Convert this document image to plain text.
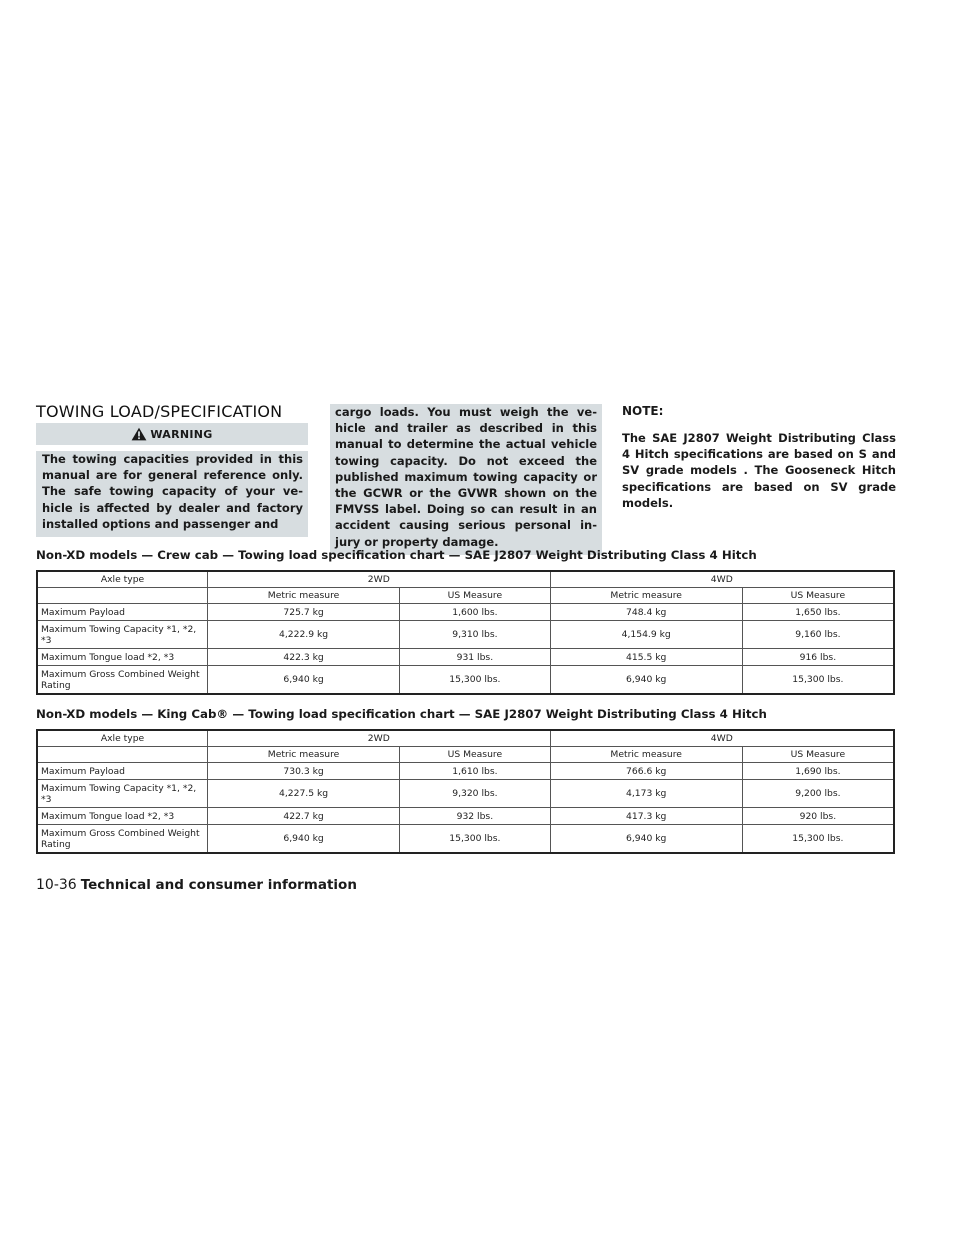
TOWING LOAD/SPECIFICATION
WARNING

The towing capacities provided in this manual are for general reference only. The safe towing capacity of your ve-hicle is affected by dealer and factory installed options and passenger and

cargo loads. You must weigh the ve-hicle and trailer as described in this manual to determine the actual vehicle towing capacity. Do not exceed the published maximum towing capacity or the GCWR or the GVWR shown on the FMVSS label. Doing so can result in an accident causing serious personal in-jury or property damage.

NOTE:

The SAE J2807 Weight Distributing Class 4 Hitch specifications are based on S and SV grade models . The Gooseneck Hitch specifications are based on SV grade models.

Non-XD models — Crew cab — Towing load specification chart — SAE J2807 Weight Distributing Class 4 Hitch

Axle type	2WD		4WD	
	Metric measure	US Measure	Metric measure	US Measure
Maximum Payload	725.7 kg	1,600 lbs.	748.4 kg	1,650 lbs.
Maximum Towing Capacity *1, *2, *3	4,222.9 kg	9,310 lbs.	4,154.9 kg	9,160 lbs.
Maximum Tongue load *2, *3	422.3 kg	931 lbs.	415.5 kg	916 lbs.
Maximum Gross Combined Weight Rating	6,940 kg	15,300 lbs.	6,940 kg	15,300 lbs.

Non-XD models — King Cab® — Towing load specification chart — SAE J2807 Weight Distributing Class 4 Hitch

Axle type	2WD		4WD	
	Metric measure	US Measure	Metric measure	US Measure
Maximum Payload	730.3 kg	1,610 lbs.	766.6 kg	1,690 lbs.
Maximum Towing Capacity *1, *2, *3	4,227.5 kg	9,320 lbs.	4,173 kg	9,200 lbs.
Maximum Tongue load *2, *3	422.7 kg	932 lbs.	417.3 kg	920 lbs.
Maximum Gross Combined Weight Rating	6,940 kg	15,300 lbs.	6,940 kg	15,300 lbs.
10-36 Technical and consumer information
